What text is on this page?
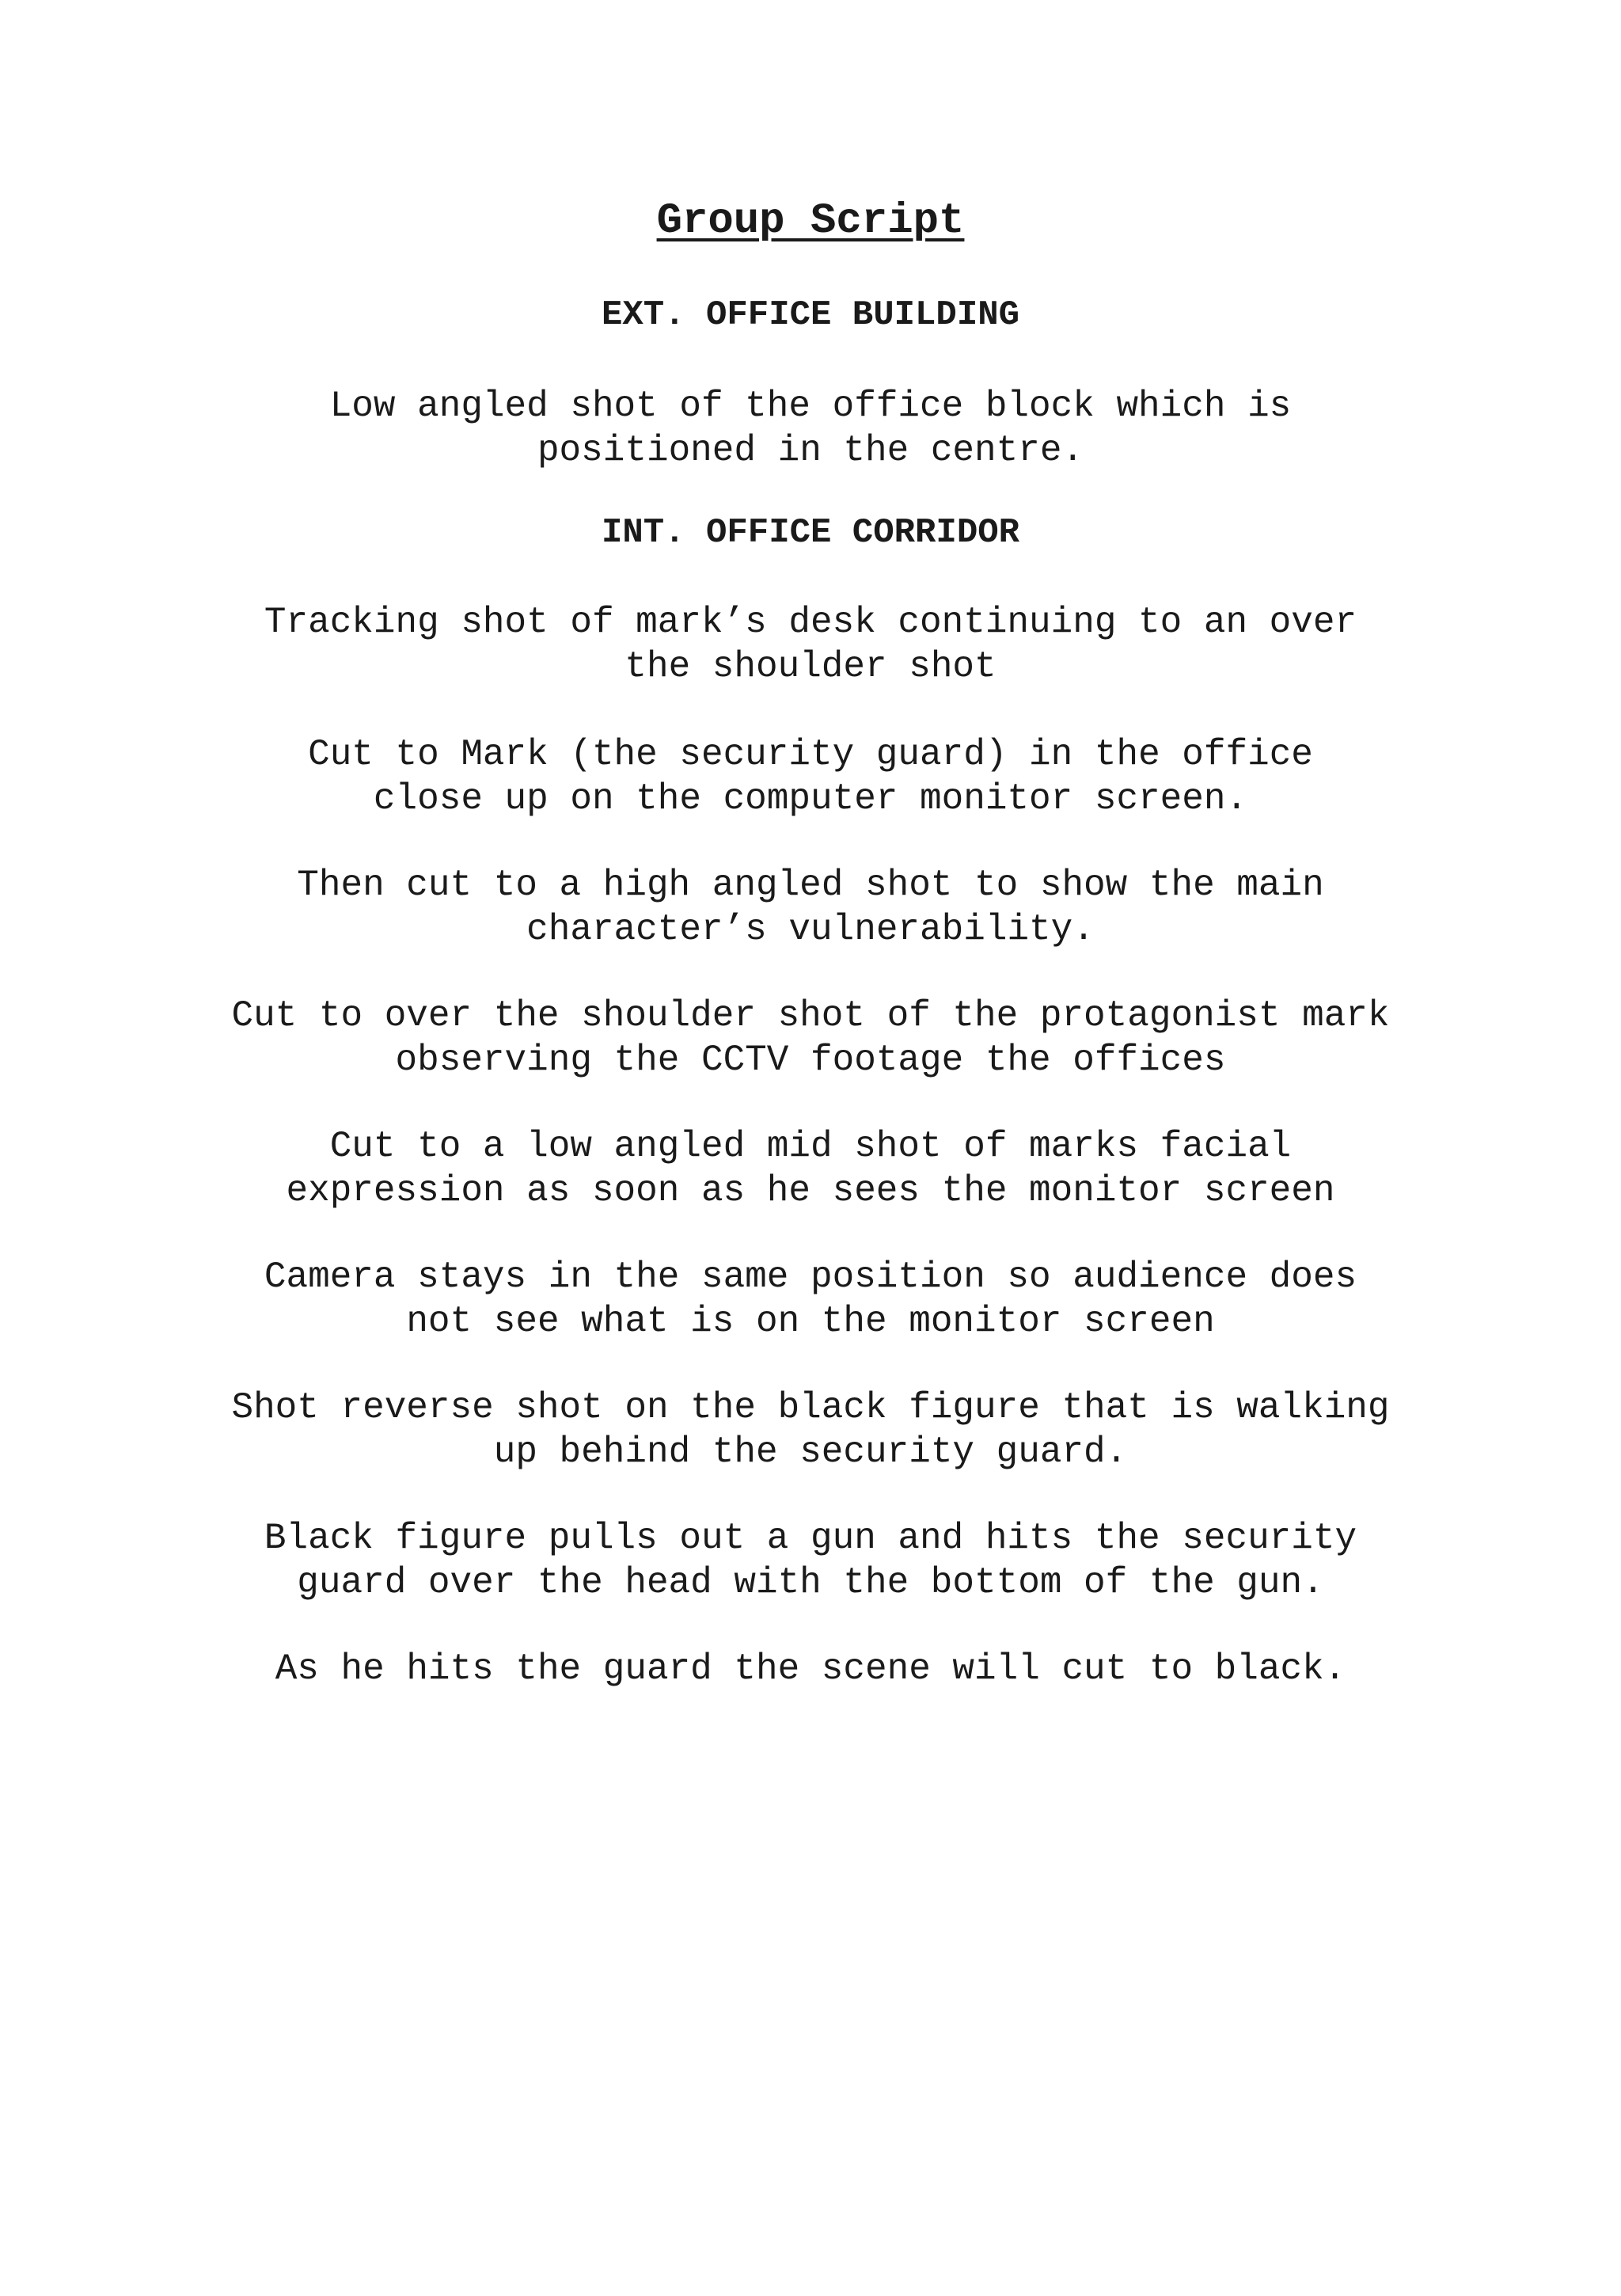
Group Script
EXT. OFFICE BUILDING

Low angled shot of the office block which is
positioned in the centre.

INT. OFFICE CORRIDOR

Tracking shot of mark’s desk continuing to an over
the shoulder shot

Cut to Mark (the security guard) in the office
close up on the computer monitor screen.

Then cut to a high angled shot to show the main
character’s vulnerability.

Cut to over the shoulder shot of the protagonist mark
observing the CCTV footage the offices

Cut to a low angled mid shot of marks facial
expression as soon as he sees the monitor screen

Camera stays in the same position so audience does
not see what is on the monitor screen

Shot reverse shot on the black figure that is walking
up behind the security guard.

Black figure pulls out a gun and hits the security
guard over the head with the bottom of the gun.

As he hits the guard the scene will cut to black.
